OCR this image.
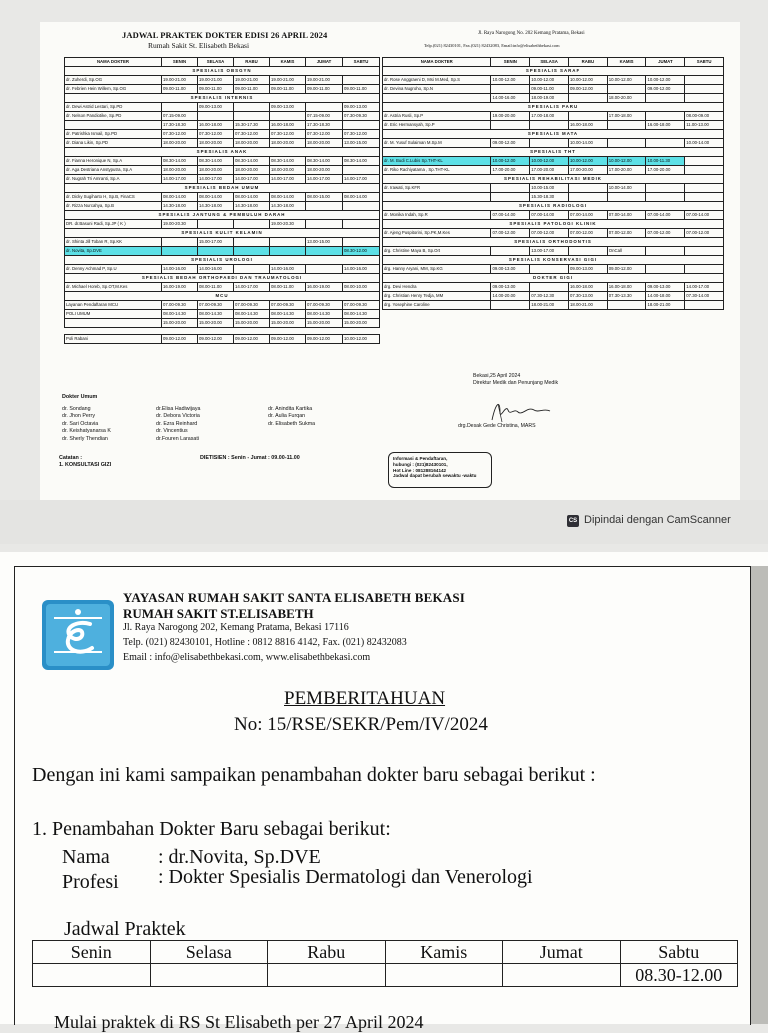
JADWAL PRAKTEK DOKTER EDISI 26 APRIL 2024
Rumah Sakit St. Elisabeth Bekasi
Jl. Raya Narogong No. 202 Kemang Pratama, Bekasi
Telp.(021) 82430101, Fax.(021) 82432083, Email:info@elisabethbekasi.com
NAMA DOKTER	SENIN	SELASA	RABU	KAMIS	JUMAT	SABTU
SPESIALIS OBSGYN						
dr. Zuherdi, Sp.OG	19.00-21.00	19.00-21.00	19.00-21.00	19.00-21.00	19.00-21.00	
dr. Febrien Hein Willem, Sp.OG	09.00-11.00	09.00-11.00	09.00-11.00	09.00-11.00	09.00-11.00	09.00-11.00
SPESIALIS INTERNIS						
dr. Dewi Astrid Lestari, Sp.PD		09.00-13.00		09.00-13.00		09.00-13.00
dr. Nelson Pandiotike, Sp.PD	07.15-09.00				07.15-09.00	07.30-09.30
	17.30-18.30	16.00-18.00	15.30-17.30	16.00-18.00	17.30-18.30	
dr. Patrishka Ismail, Sp.PD	07.30-12.00	07.30-12.00	07.30-12.00	07.30-12.00	07.30-12.00	07.30-12.00
dr. Diana Likin, Sp.PD	18.00-20.00	18.00-20.00	18.00-20.00	18.00-20.00	18.00-20.00	13.00-15.00
SPESIALIS ANAK						
dr. Fianna Heronique N, Sp.A	08.30-14.00	08.30-14.00	08.30-14.00	08.30-14.00	08.30-14.00	08.30-14.00
dr. Aga Destriana Anstyputra, Sp.A	18.00-20.00	18.00-20.00	18.00-20.00	18.00-20.00	18.00-20.00	
dr. Nugrah Tri Amranti, Sp.A	14.00-17.00	14.00-17.00	14.00-17.00	14.00-17.00	14.00-17.00	14.00-17.00
SPESIALIS BEDAH UMUM						
dr. Dicky Sugiharto H, Sp.B, FinaCS	08.00-14.00	08.00-14.00	08.00-14.00	08.00-14.00	08.00-15.00	08.00-14.00
dr. Rizza Nurcahya, Sp.B	14.30-18.00	14.30-18.00	14.30-18.00	14.30-18.00		
SPESIALIS JANTUNG & PEMBULUH DARAH						
DR. dr.Basuni Radi, Sp.JP ( K )	19.00-20.30			19.00-20.30		
SPESIALIS KULIT KELAMIN						
dr. Shinta Jill Toban R, Sp.KK		15.00-17.00			13.00-15.00	
dr. Novita, Sp.DVE						08.30-12.00
SPESIALIS UROLOGI						
dr. Denny Achmad P, Sp.U	14.00-16.00	14.00-16.00		14.00-16.00		14.00-16.00
SPESIALIS BEDAH ORTHOPAEDI DAN TRAUMATOLOGI						
dr. Michael Horeb, Sp.OT,M.Kes	16.00-19.00	08.00-11.00	14.00-17.00	08.00-11.00	16.00-19.00	08.00-10.00
MCU						
Layanan Pendaftaran MCU	07.00-09.30	07.00-09.30	07.00-09.30	07.00-09.30	07.00-09.30	07.00-09.30
POLI UMUM	08.00-14.30	08.00-14.30	08.00-14.30	08.00-14.30	08.00-14.30	08.00-14.30
	15.00-20.00	15.00-20.00	15.00-20.00	15.00-20.00	15.00-20.00	15.00-20.00

Poli Rabani	09.00-12.00	09.00-12.00	09.00-12.00	09.00-12.00	09.00-12.00	10.00-12.00
NAMA DOKTER	SENIN	SELASA	RABU	KAMIS	JUMAT	SABTU
SPESIALIS SARAF						
dr. Rose Anggraeni D, Msi M.Med, Sp.S	10.00-12.00	10.00-12.00	10.00-12.00	10.00-12.00	10.00-12.00	
dr. Devina Nugroho, Sp.N		09.00-11.00	09.00-12.00		09.00-12.00	
	14.00-16.00	18.00-19.00		18.00-20.00		
SPESIALIS PARU						
dr. Astria Rusli, Sp.P	19.00-20.00	17.00-18.00		17.00-18.00		08.00-09.00
dr. Eric Hermansyah, Sp.P			16.00-18.00		16.00-18.00	11.00-13.00
SPESIALIS MATA						
dr. M. Yusuf Sulaiman M.Sp.M	09.00-12.00		10.00-14.00			10.00-14.00
SPESIALIS THT						
dr. M. Budi C.Lubis Sp.THT-KL	10.00-12.00	10.00-12.00	10.00-12.00	10.00-12.00	10.00-11.30	
dr. Riko Rachiyatama , Sp.THT-KL	17.00-20.00	17.00-20.00	17.00-20.00	17.00-20.00	17.00-20.00	
SPESIALIS REHABILITASI MEDIK						
dr. Irawati, Sp.KFR		10.00-15.00		10.00-14.00		
		15.30-18.30				
SPESIALIS RADIOLOGI						
dr. Monika Indah, Sp.R	07.00-14.00	07.00-14.00	07.00-14.00	07.00-14.00	07.00-14.00	07.00-14.00
SPESIALIS PATOLOGI KLINIK						
dr. Ajeng Puspitorini, Sp.PK,M.Kes	07.00-12.00	07.00-12.00	07.00-12.00	07.00-12.00	07.00-12.00	07.00-12.00
SPESIALIS ORTHODONTIS						
drg. Christine Maya B, Sp.Ort		13.00-17.00		OnCall		
SPESIALIS KONSERVASI GIGI						
drg. Hanny Aryani, MM, Sp.KG	09.00-13.00		09.00-13.00	09.00-12.00		
DOKTER GIGI						
drg. Devi Hendra	09.00-13.00		16.00-18.00	16.00-18.00	09.00-13.00	14.00-17.00
drg. Christian Henry Tedja, MM	14.00-20.00	07.30-12.30	07.30-13.00	07.30-13.30	14.00-18.00	07.30-14.00
drg. Yosephine Caroline		18.00-21.00	18.00-21.00		18.00-21.00	
Dokter Umum
dr. Sondang
dr. Jhon Perry
dr. Sari Octavia
dr. Keishatyanarsa K
dr. Sherly Thendian
dr.Elisa Hadiwijaya
dr. Debora Victoria
dr. Ezra Reinhard
dr. Vincentius
dr.Fouren Larasati
dr. Anindita Kartika
dr. Aulia Furqan
dr. Elisabeth Sukma
Catatan :
1. KONSULTASI GIZI
DIETISIEN : Senin - Jumat : 09.00-11.00	Informasi & Pendaftaran,
hubungi : (021)82430101,
Hot Line : 081288164142
Jadwal dapat berubah sewaktu -waktu
Bekasi,25 April 2024
Direktur Medik dan Penunjang Medik
drg.Desak Gede Christina, MARS
CS Dipindai dengan CamScanner
YAYASAN RUMAH SAKIT SANTA ELISABETH BEKASI
RUMAH SAKIT ST.ELISABETH
Jl. Raya Narogong 202, Kemang Pratama, Bekasi 17116
Telp. (021) 82430101, Hotline : 0812 8816 4142, Fax. (021) 82432083
Email : info@elisabethbekasi.com, www.elisabethbekasi.com
PEMBERITAHUAN
No: 15/RSE/SEKR/Pem/IV/2024
Dengan ini kami sampaikan penambahan dokter baru sebagai berikut :
1. Penambahan Dokter Baru sebagai berikut:
Nama : dr.Novita, Sp.DVE
Profesi : Dokter Spesialis Dermatologi dan Venerologi
Jadwal Praktek
Senin	Selasa	Rabu	Kamis	Jumat	Sabtu
					08.30-12.00
Mulai praktek di RS St Elisabeth per 27 April 2024
